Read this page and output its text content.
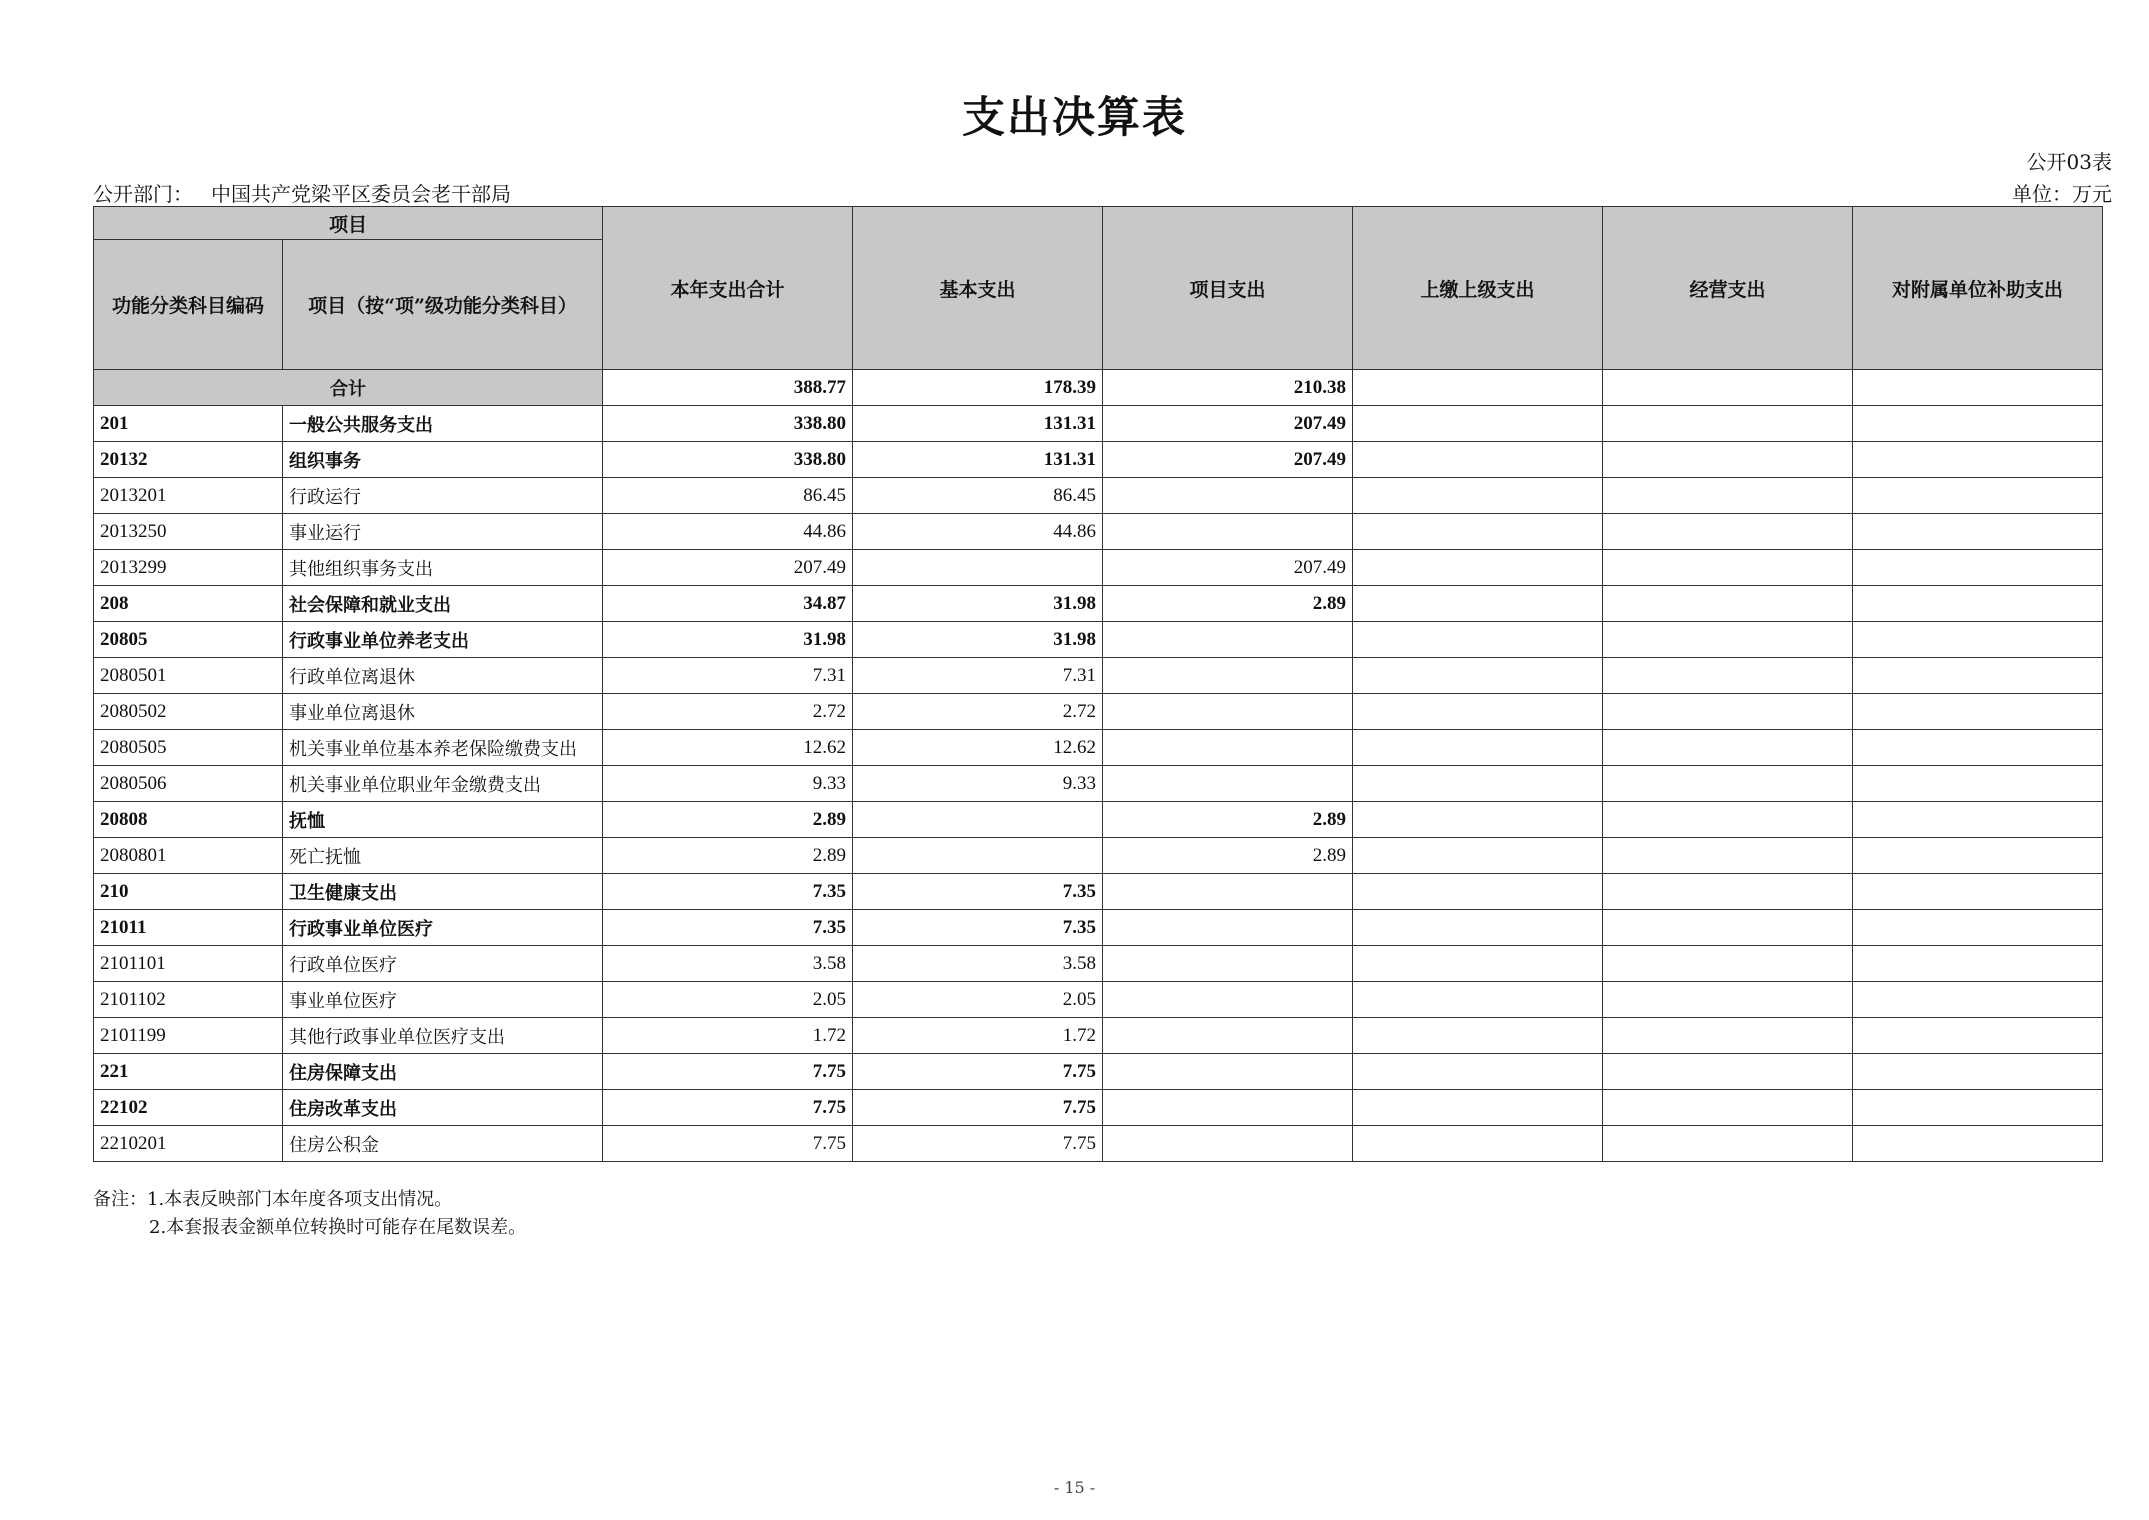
支出决算表
公开03表
公开部门： 中国共产党梁平区委员会老干部局	单位：万元
项目		本年支出合计	基本支出	项目支出	上缴上级支出	经营支出	对附属单位补助支出
功能分类科目编码	项目（按“项”级功能分类科目）						
合计		388.77	178.39	210.38			
201	一般公共服务支出	338.80	131.31	207.49			
20132	组织事务	338.80	131.31	207.49			
2013201	行政运行	86.45	86.45				
2013250	事业运行	44.86	44.86				
2013299	其他组织事务支出	207.49		207.49			
208	社会保障和就业支出	34.87	31.98	2.89			
20805	行政事业单位养老支出	31.98	31.98				
2080501	行政单位离退休	7.31	7.31				
2080502	事业单位离退休	2.72	2.72				
2080505	机关事业单位基本养老保险缴费支出	12.62	12.62				
2080506	机关事业单位职业年金缴费支出	9.33	9.33				
20808	抚恤	2.89		2.89			
2080801	死亡抚恤	2.89		2.89			
210	卫生健康支出	7.35	7.35				
21011	行政事业单位医疗	7.35	7.35				
2101101	行政单位医疗	3.58	3.58				
2101102	事业单位医疗	2.05	2.05				
2101199	其他行政事业单位医疗支出	1.72	1.72				
221	住房保障支出	7.75	7.75				
22102	住房改革支出	7.75	7.75				
2210201	住房公积金	7.75	7.75				
备注：1.本表反映部门本年度各项支出情况。
2.本套报表金额单位转换时可能存在尾数误差。
- 15 -
